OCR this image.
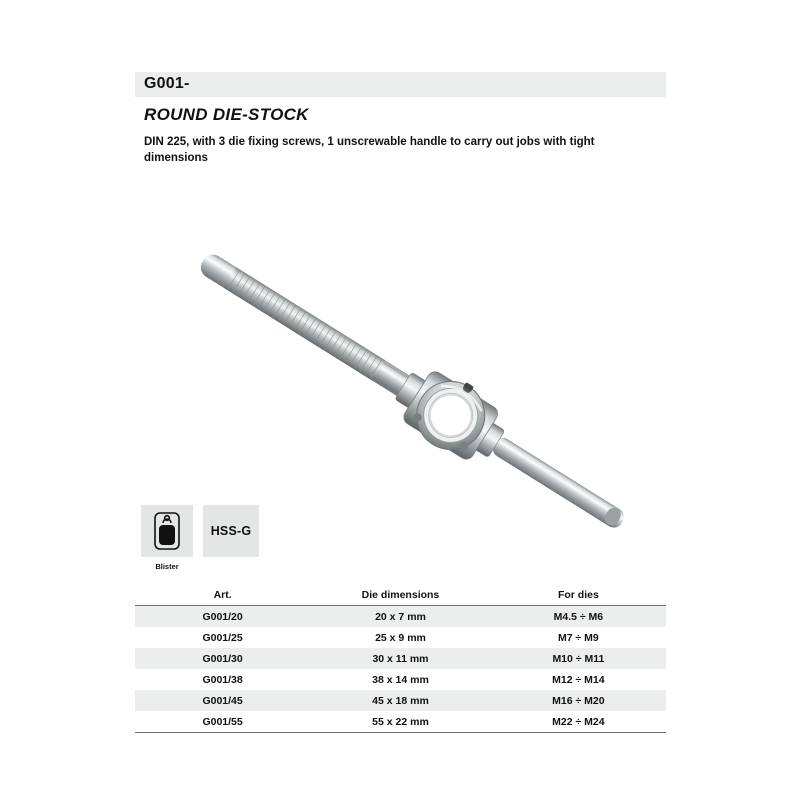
G001-
ROUND DIE-STOCK
DIN 225, with 3 die fixing screws, 1 unscrewable handle to carry out jobs with tight dimensions
Blister
HSS-G
Art.	Die dimensions	For dies
G001/20	20 x 7 mm	M4.5 ÷ M6
G001/25	25 x 9 mm	M7 ÷ M9
G001/30	30 x 11 mm	M10 ÷ M11
G001/38	38 x 14 mm	M12 ÷ M14
G001/45	45 x 18 mm	M16 ÷ M20
G001/55	55 x 22 mm	M22 ÷ M24
